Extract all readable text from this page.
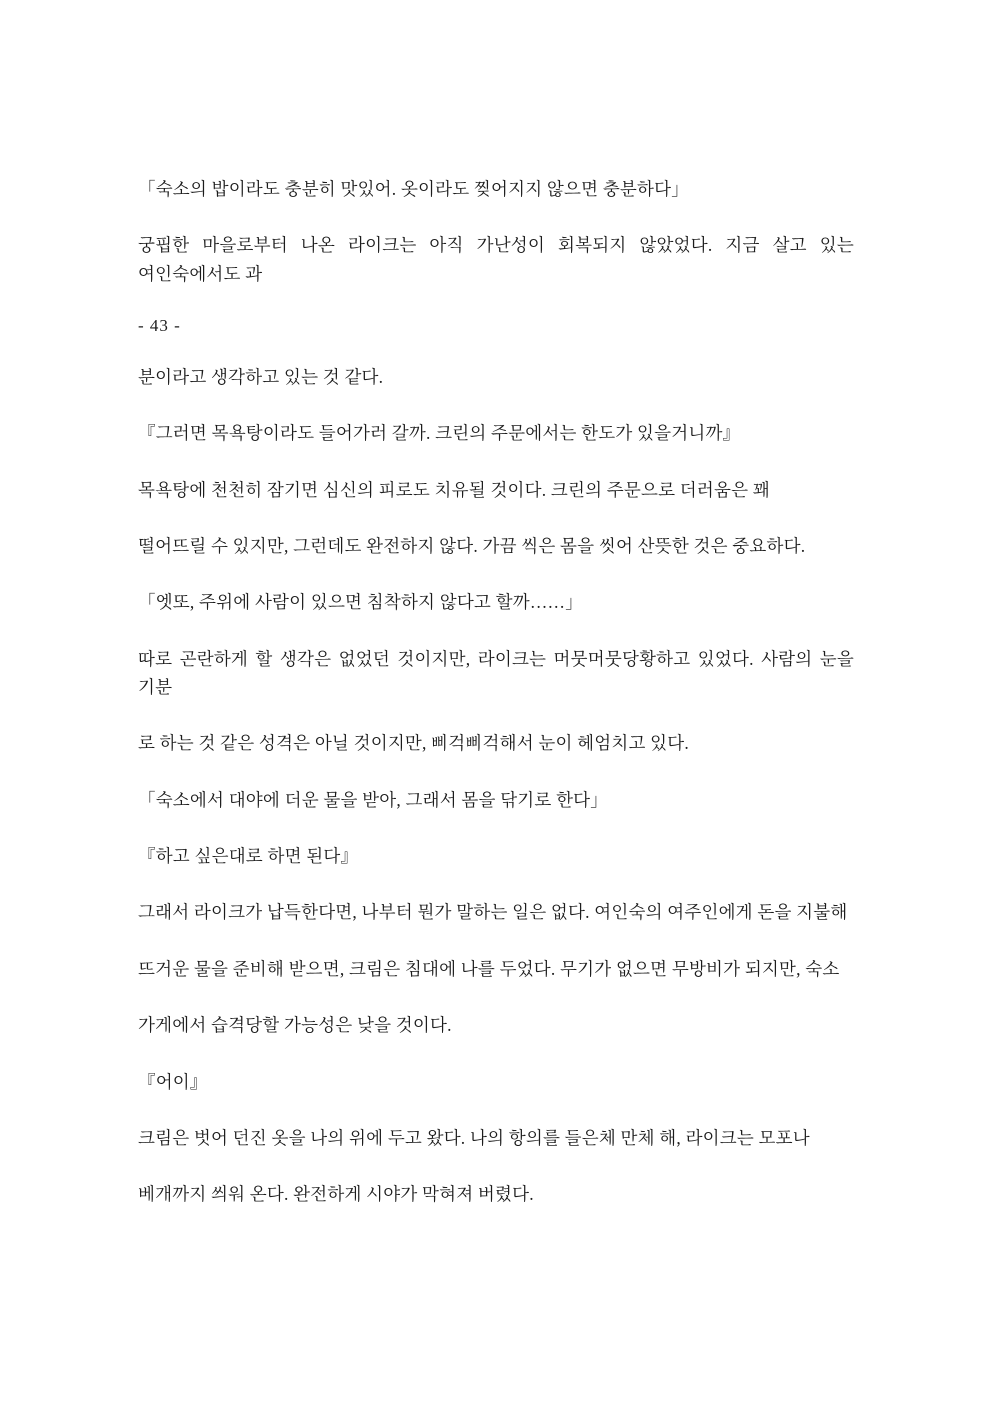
「숙소의 밥이라도 충분히 맛있어. 옷이라도 찢어지지 않으면 충분하다」

궁핍한 마을로부터 나온 라이크는 아직 가난성이 회복되지 않았었다. 지금 살고 있는 여인숙에서도 과

- 43 -

분이라고 생각하고 있는 것 같다.

『그러면 목욕탕이라도 들어가러 갈까. 크린의 주문에서는 한도가 있을거니까』

목욕탕에 천천히 잠기면 심신의 피로도 치유될 것이다. 크린의 주문으로 더러움은 꽤

떨어뜨릴 수 있지만, 그런데도 완전하지 않다. 가끔 씩은 몸을 씻어 산뜻한 것은 중요하다.

「엣또, 주위에 사람이 있으면 침착하지 않다고 할까……」

따로 곤란하게 할 생각은 없었던 것이지만, 라이크는 머뭇머뭇당황하고 있었다. 사람의 눈을 기분

로 하는 것 같은 성격은 아닐 것이지만, 삐걱삐걱해서 눈이 헤엄치고 있다.

「숙소에서 대야에 더운 물을 받아, 그래서 몸을 닦기로 한다」

『하고 싶은대로 하면 된다』

그래서 라이크가 납득한다면, 나부터 뭔가 말하는 일은 없다. 여인숙의 여주인에게 돈을 지불해

뜨거운 물을 준비해 받으면, 크림은 침대에 나를 두었다. 무기가 없으면 무방비가 되지만, 숙소

가게에서 습격당할 가능성은 낮을 것이다.

『어이』

크림은 벗어 던진 옷을 나의 위에 두고 왔다. 나의 항의를 들은체 만체 해, 라이크는 모포나

베개까지 씌워 온다. 완전하게 시야가 막혀져 버렸다.
